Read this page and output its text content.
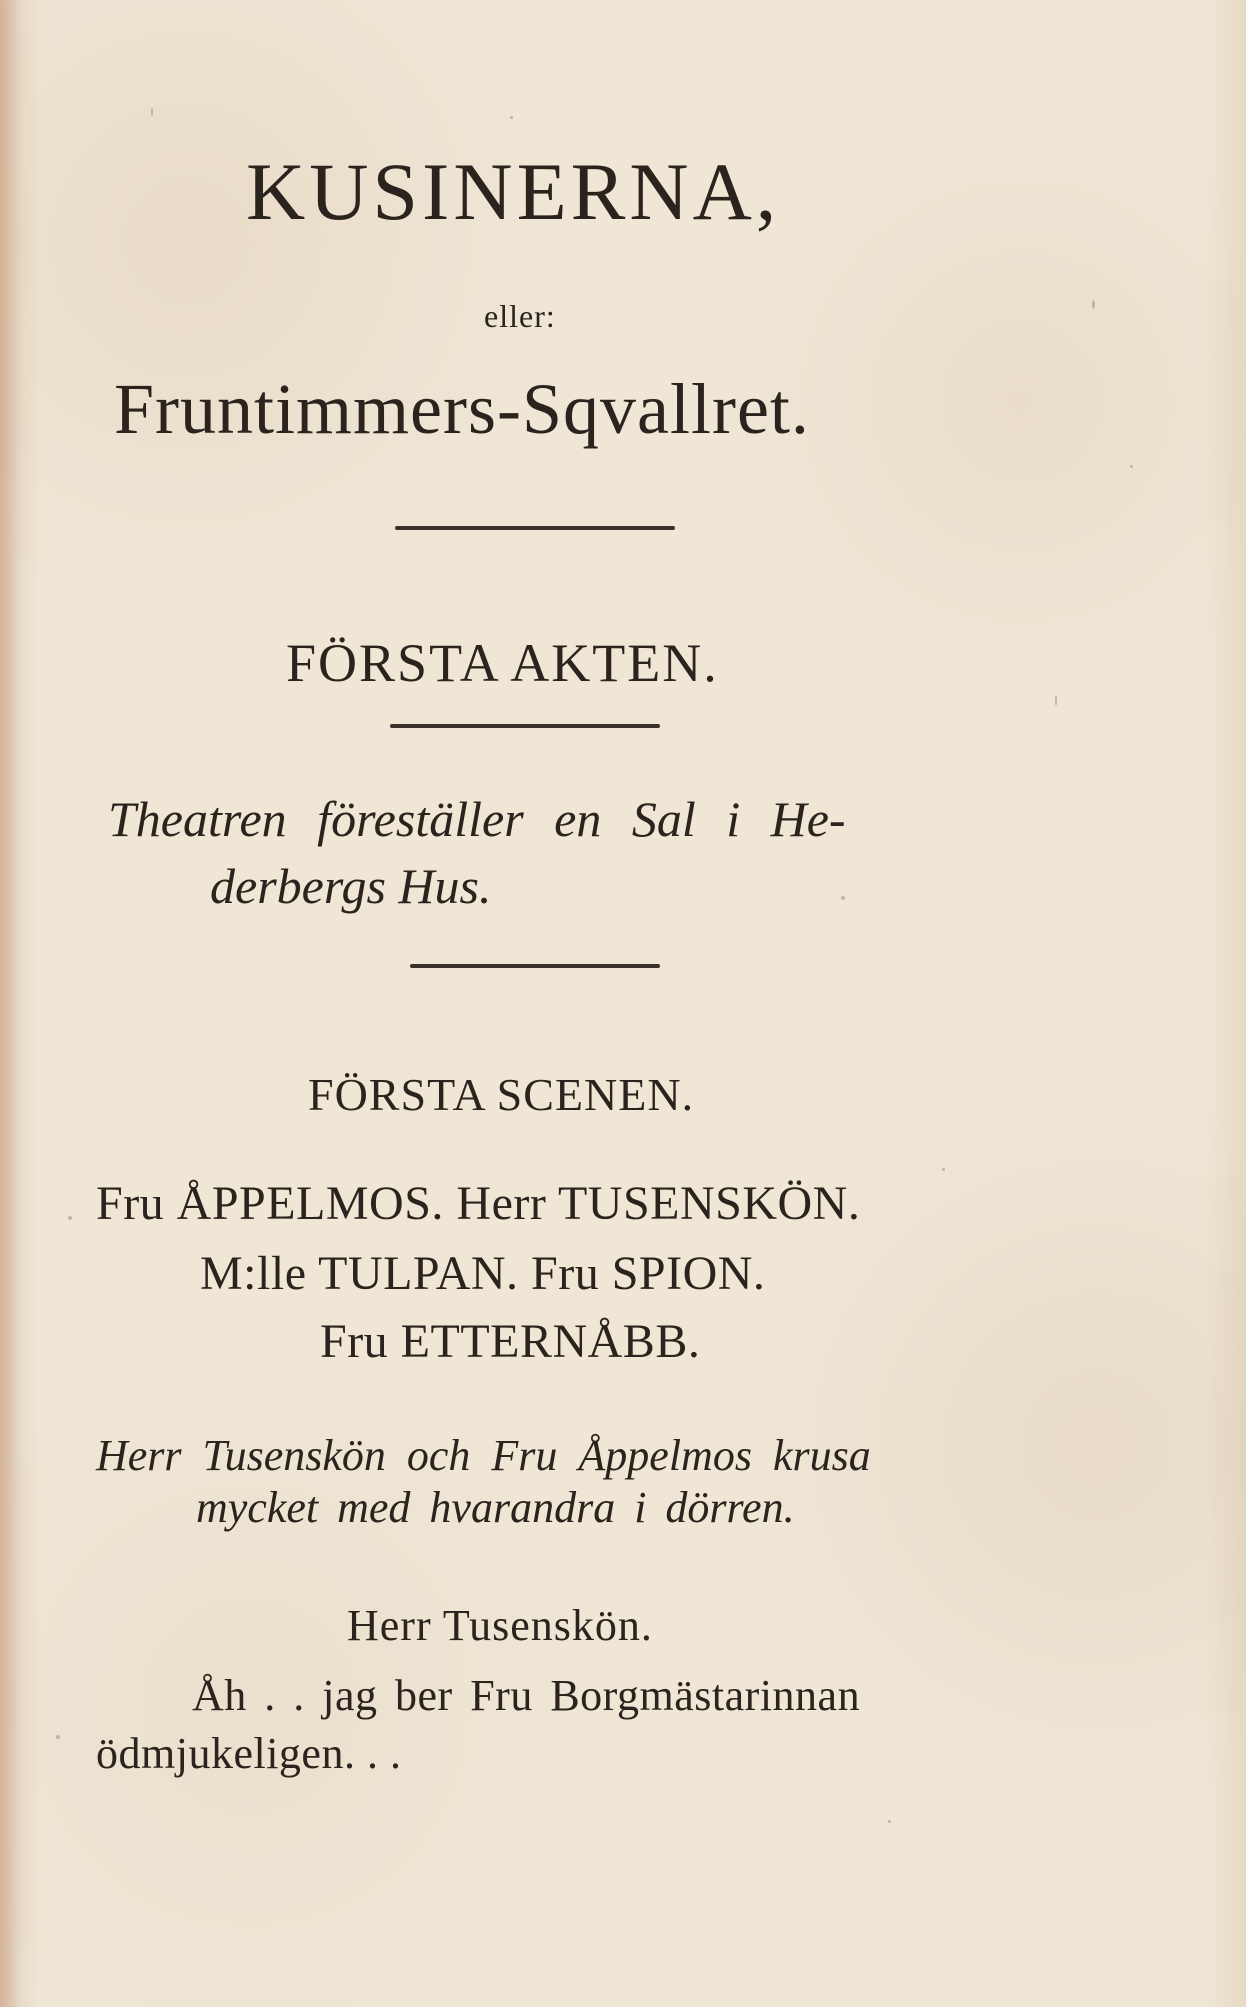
KUSINERNA,
eller:
Fruntimmers-Sqvallret.
FÖRSTA AKTEN.
Theatren föreställer en Sal i He-
derbergs Hus.
FÖRSTA SCENEN.
Fru ÅPPELMOS. Herr TUSENSKÖN.
M:lle TULPAN. Fru SPION.
Fru ETTERNÅBB.
Herr Tusenskön och Fru Åppelmos krusa
mycket med hvarandra i dörren.
Herr Tusenskön.
Åh . . jag ber Fru Borgmästarinnan
ödmjukeligen. . .
